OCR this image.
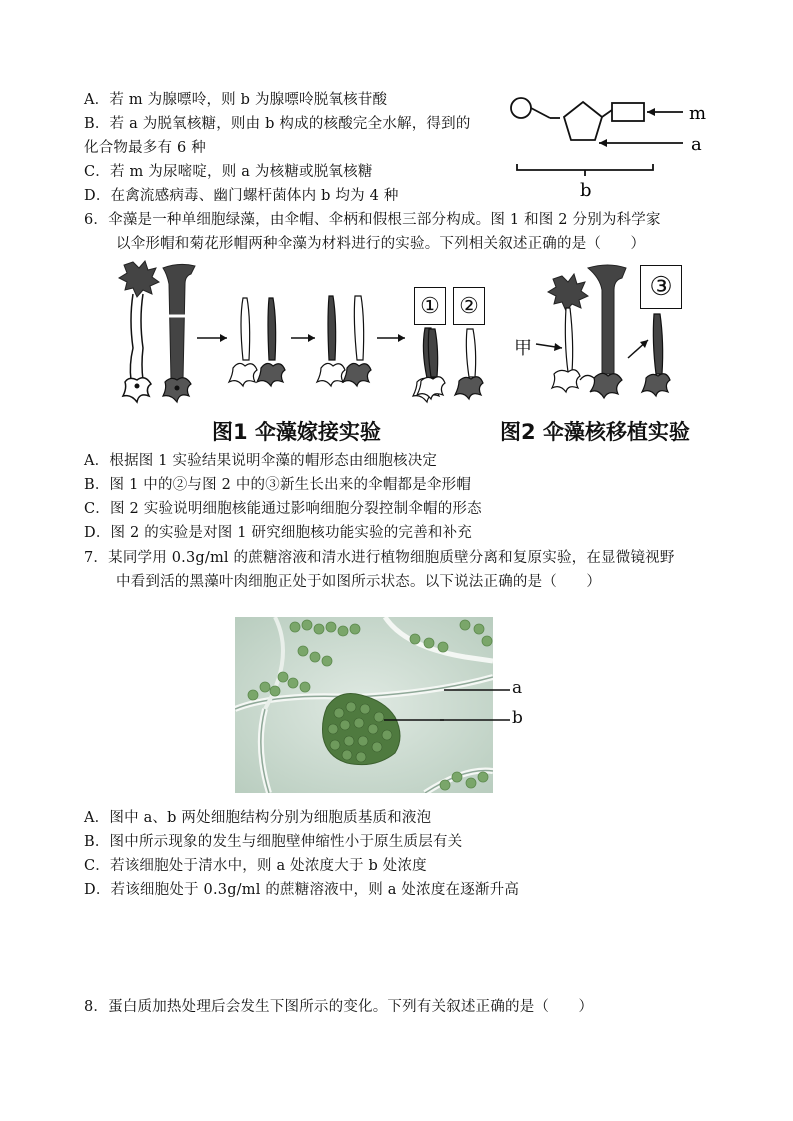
A．若 m 为腺嘌呤，则 b 为腺嘌呤脱氧核苷酸
B．若 a 为脱氧核糖，则由 b 构成的核酸完全水解，得到的
化合物最多有 6 种
C．若 m 为尿嘧啶，则 a 为核糖或脱氧核糖
D．在禽流感病毒、幽门螺杆菌体内 b 均为 4 种
m
a
b
6．伞藻是一种单细胞绿藻，由伞帽、伞柄和假根三部分构成。图 1 和图 2 分别为科学家
以伞形帽和菊花形帽两种伞藻为材料进行的实验。下列相关叙述正确的是（　　）
① ②
甲
③
图1 伞藻嫁接实验	图2 伞藻核移植实验
A．根据图 1 实验结果说明伞藻的帽形态由细胞核决定
B．图 1 中的②与图 2 中的③新生长出来的伞帽都是伞形帽
C．图 2 实验说明细胞核能通过影响细胞分裂控制伞帽的形态
D．图 2 的实验是对图 1 研究细胞核功能实验的完善和补充
7．某同学用 0.3g/ml 的蔗糖溶液和清水进行植物细胞质壁分离和复原实验，在显微镜视野
中看到活的黑藻叶肉细胞正处于如图所示状态。以下说法正确的是（　　）
a
b
A．图中 a、b 两处细胞结构分别为细胞质基质和液泡
B．图中所示现象的发生与细胞壁伸缩性小于原生质层有关
C．若该细胞处于清水中，则 a 处浓度大于 b 处浓度
D．若该细胞处于 0.3g/ml 的蔗糖溶液中，则 a 处浓度在逐渐升高
8．蛋白质加热处理后会发生下图所示的变化。下列有关叙述正确的是（　　）
